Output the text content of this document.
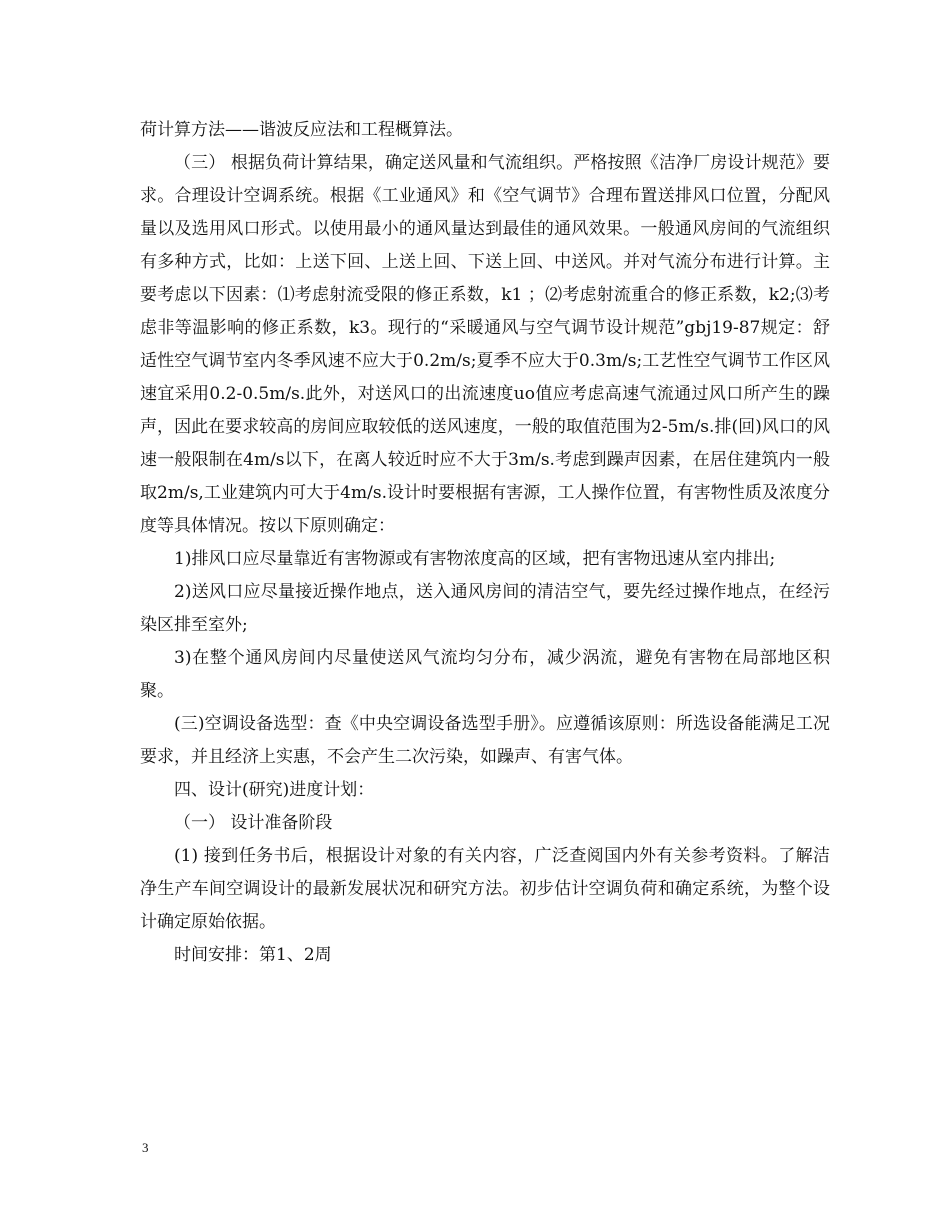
荷计算方法——谐波反应法和工程概算法。

（三） 根据负荷计算结果，确定送风量和气流组织。严格按照《洁净厂房设计规范》要求。合理设计空调系统。根据《工业通风》和《空气调节》合理布置送排风口位置，分配风量以及选用风口形式。以使用最小的通风量达到最佳的通风效果。一般通风房间的气流组织有多种方式，比如：上送下回、上送上回、下送上回、中送风。并对气流分布进行计算。主要考虑以下因素：⑴考虑射流受限的修正系数，k1 ；⑵考虑射流重合的修正系数，k2;⑶考虑非等温影响的修正系数，k3。现行的“采暖通风与空气调节设计规范”gbj19-87规定：舒适性空气调节室内冬季风速不应大于0.2m/s;夏季不应大于0.3m/s;工艺性空气调节工作区风速宜采用0.2-0.5m/s.此外，对送风口的出流速度uo值应考虑高速气流通过风口所产生的躁声，因此在要求较高的房间应取较低的送风速度，一般的取值范围为2-5m/s.排(回)风口的风速一般限制在4m/s以下，在离人较近时应不大于3m/s.考虑到躁声因素，在居住建筑内一般取2m/s,工业建筑内可大于4m/s.设计时要根据有害源，工人操作位置，有害物性质及浓度分度等具体情况。按以下原则确定：

1)排风口应尽量靠近有害物源或有害物浓度高的区域，把有害物迅速从室内排出;

2)送风口应尽量接近操作地点，送入通风房间的清洁空气，要先经过操作地点，在经污染区排至室外;

3)在整个通风房间内尽量使送风气流均匀分布，减少涡流，避免有害物在局部地区积聚。

(三)空调设备选型：查《中央空调设备选型手册》。应遵循该原则：所选设备能满足工况要求，并且经济上实惠，不会产生二次污染，如躁声、有害气体。

四、设计(研究)进度计划：

（一） 设计准备阶段

(1) 接到任务书后，根据设计对象的有关内容，广泛查阅国内外有关参考资料。了解洁净生产车间空调设计的最新发展状况和研究方法。初步估计空调负荷和确定系统，为整个设计确定原始依据。

时间安排：第1、2周

3
